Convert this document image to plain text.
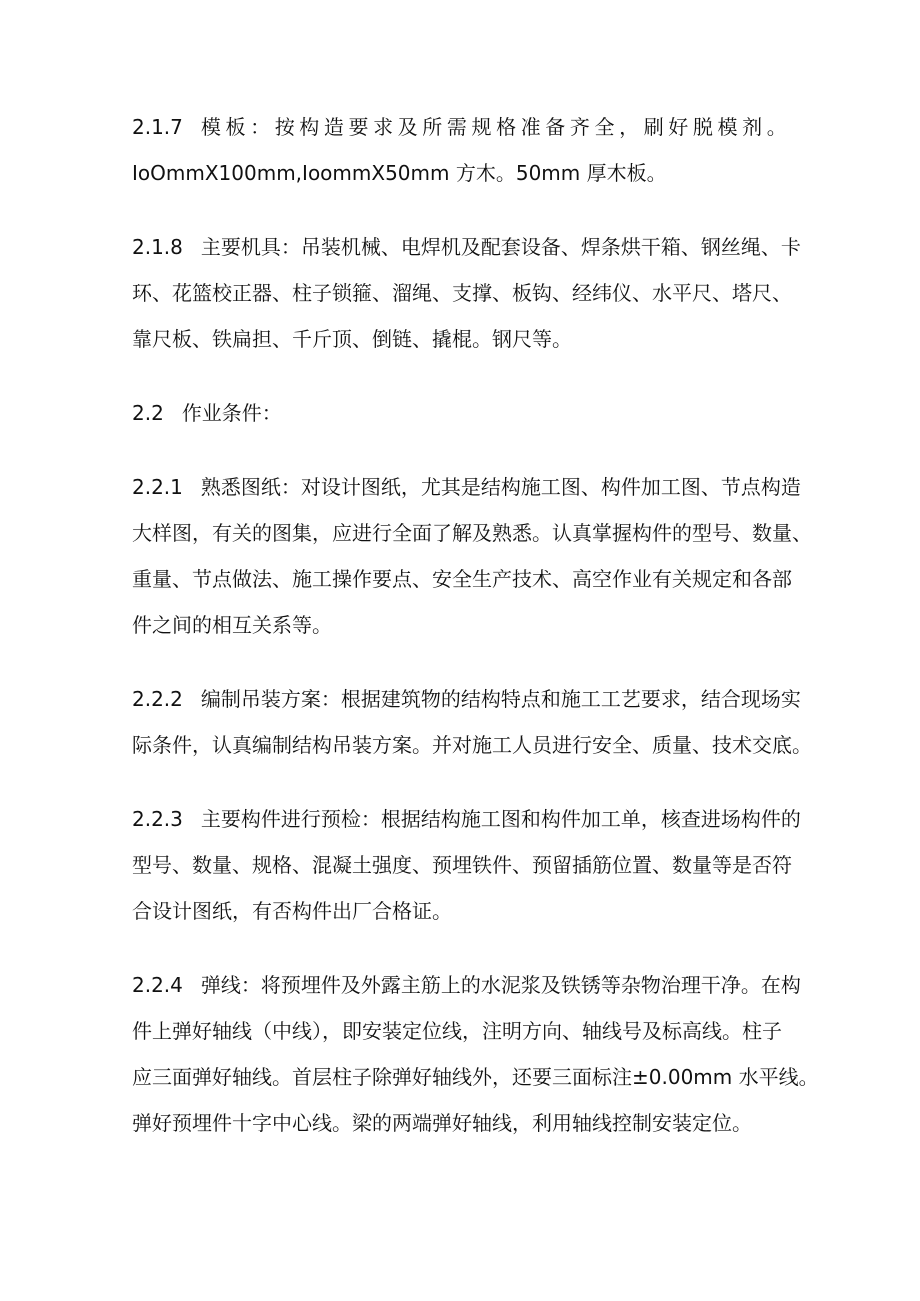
2.1.7 模板：按构造要求及所需规格准备齐全，刷好脱模剂。
IoOmmX100mm,IoommX50mm 方木。50mm 厚木板。
2.1.8 主要机具：吊装机械、电焊机及配套设备、焊条烘干箱、钢丝绳、卡
环、花篮校正器、柱子锁箍、溜绳、支撑、板钩、经纬仪、水平尺、塔尺、
靠尺板、铁扁担、千斤顶、倒链、撬棍。钢尺等。
2.2 作业条件：
2.2.1 熟悉图纸：对设计图纸，尤其是结构施工图、构件加工图、节点构造
大样图，有关的图集，应进行全面了解及熟悉。认真掌握构件的型号、数量、
重量、节点做法、施工操作要点、安全生产技术、高空作业有关规定和各部
件之间的相互关系等。
2.2.2 编制吊装方案：根据建筑物的结构特点和施工工艺要求，结合现场实
际条件，认真编制结构吊装方案。并对施工人员进行安全、质量、技术交底。
2.2.3 主要构件进行预检：根据结构施工图和构件加工单，核查进场构件的
型号、数量、规格、混凝土强度、预埋铁件、预留插筋位置、数量等是否符
合设计图纸，有否构件出厂合格证。
2.2.4 弹线：将预埋件及外露主筋上的水泥浆及铁锈等杂物治理干净。在构
件上弹好轴线（中线），即安装定位线，注明方向、轴线号及标高线。柱子
应三面弹好轴线。首层柱子除弹好轴线外，还要三面标注±0.00mm 水平线。
弹好预埋件十字中心线。梁的两端弹好轴线，利用轴线控制安装定位。
